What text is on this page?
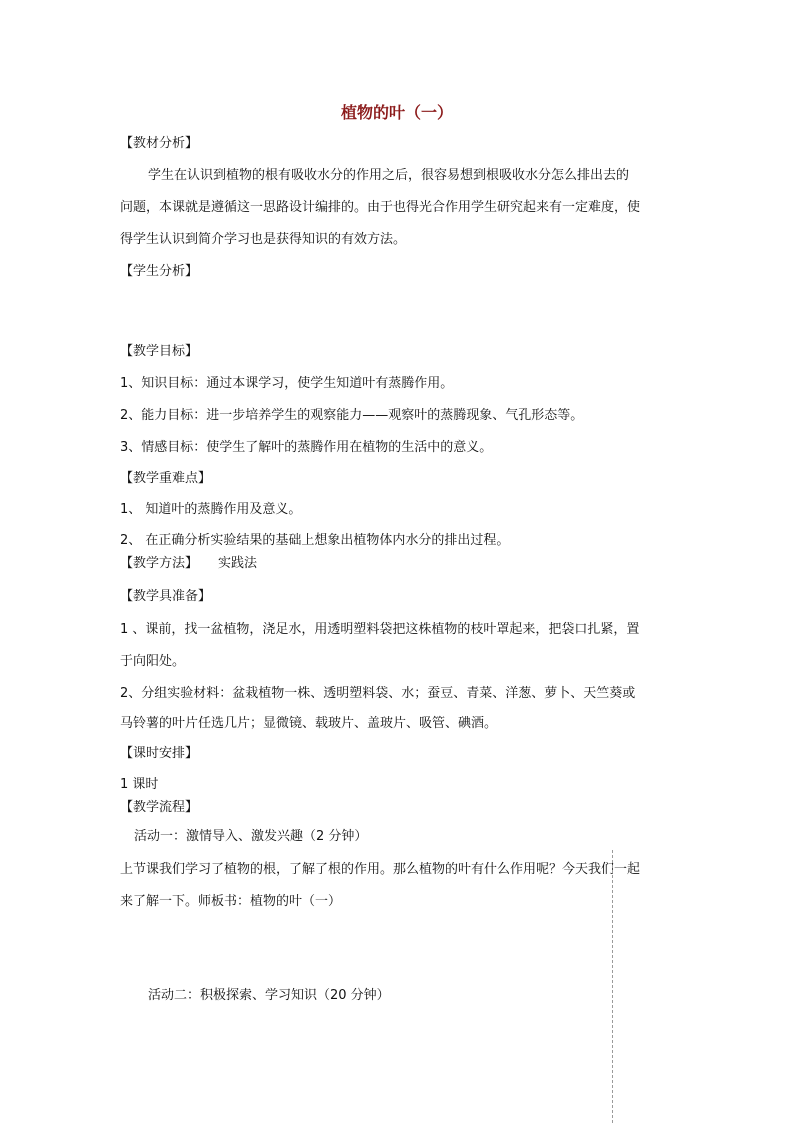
植物的叶（一）
【教材分析】
学生在认识到植物的根有吸收水分的作用之后，很容易想到根吸收水分怎么排出去的
问题，本课就是遵循这一思路设计编排的。由于也得光合作用学生研究起来有一定难度，使
得学生认识到简介学习也是获得知识的有效方法。
【学生分析】
【教学目标】
1、知识目标：通过本课学习，使学生知道叶有蒸腾作用。
2、能力目标：进一步培养学生的观察能力——观察叶的蒸腾现象、气孔形态等。
3、情感目标：使学生了解叶的蒸腾作用在植物的生活中的意义。
【教学重难点】
1、 知道叶的蒸腾作用及意义。
2、 在正确分析实验结果的基础上想象出植物体内水分的排出过程。
【教学方法】 实践法
【教学具准备】
1 、课前，找一盆植物，浇足水，用透明塑料袋把这株植物的枝叶罩起来，把袋口扎紧，置
于向阳处。
2、分组实验材料：盆栽植物一株、透明塑料袋、水；蚕豆、青菜、洋葱、萝卜、天竺葵或
马铃薯的叶片任选几片；显微镜、载玻片、盖玻片、吸管、碘酒。
【课时安排】
1 课时
【教学流程】
活动一：激情导入、激发兴趣（2 分钟）
上节课我们学习了植物的根，了解了根的作用。那么植物的叶有什么作用呢？今天我们一起
来了解一下。师板书：植物的叶（一）
活动二：积极探索、学习知识（20 分钟）
